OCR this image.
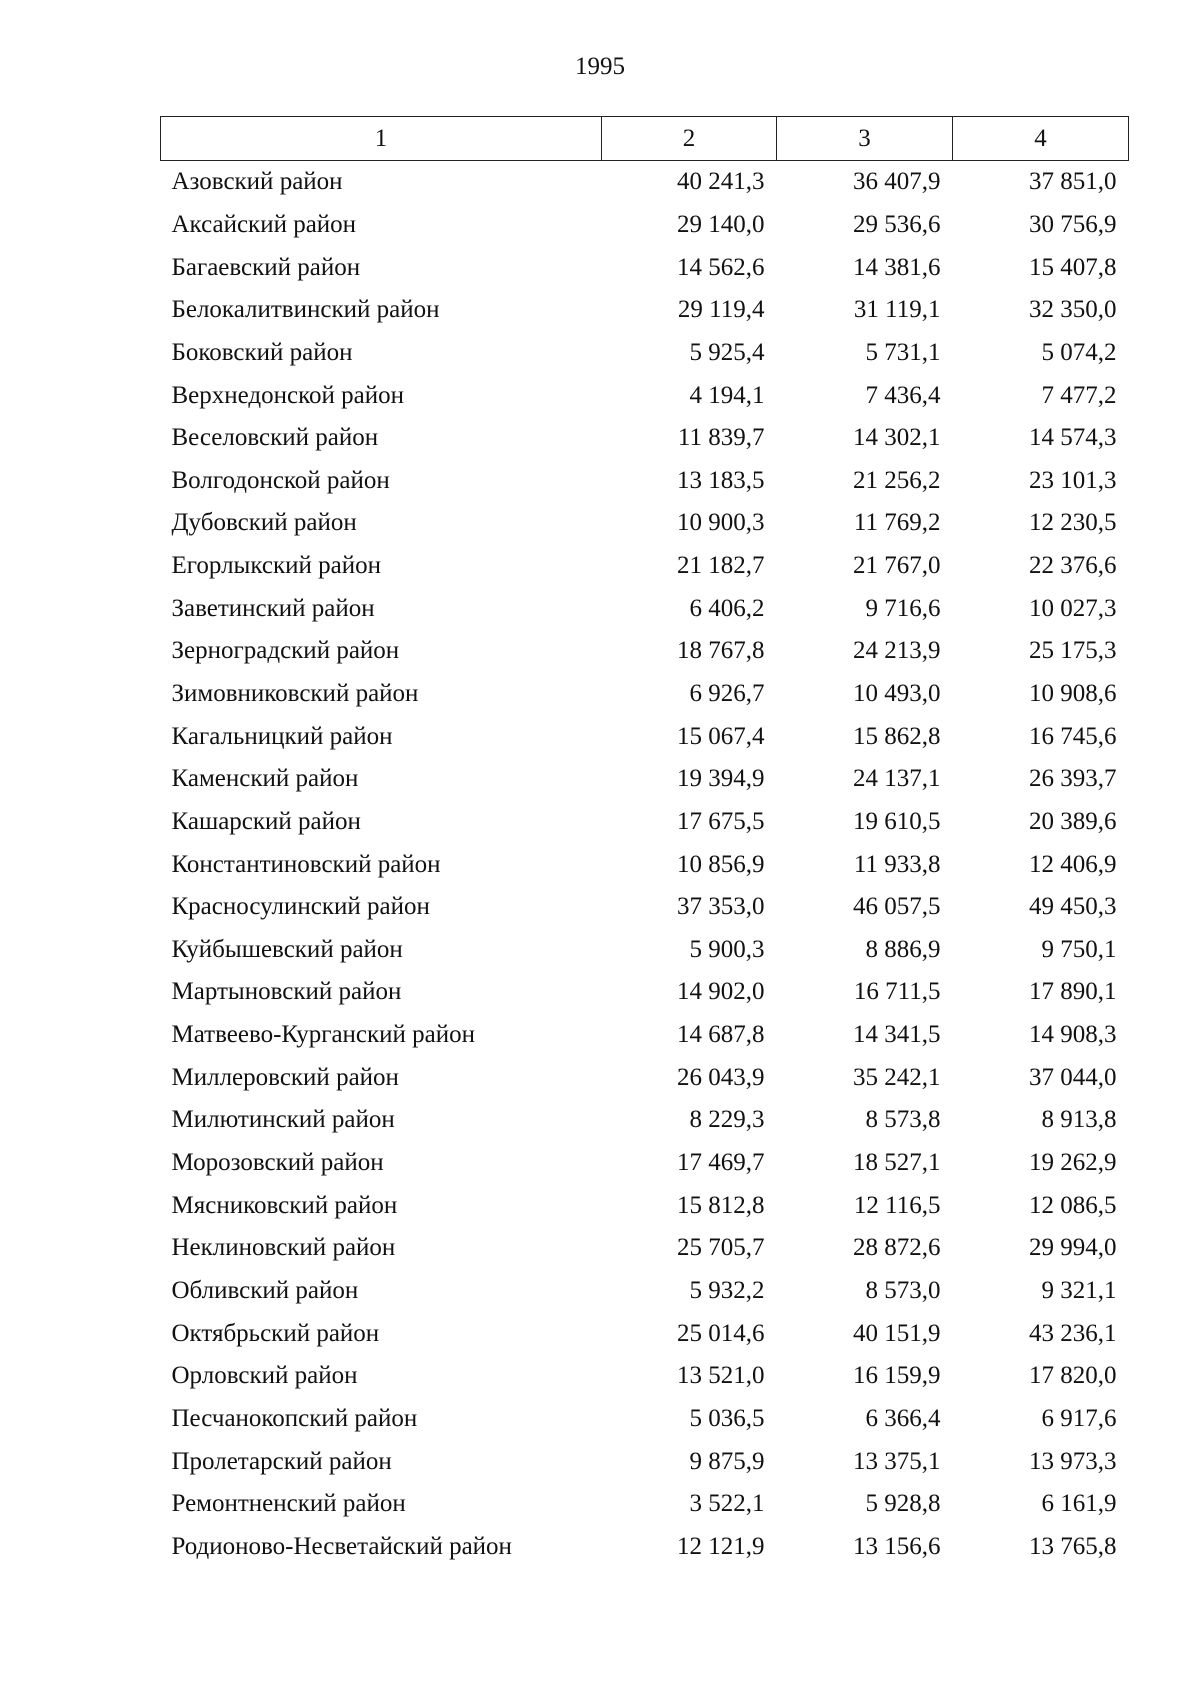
1995
1	2	3	4
Азовский район	40 241,3	36 407,9	37 851,0
Аксайский район	29 140,0	29 536,6	30 756,9
Багаевский район	14 562,6	14 381,6	15 407,8
Белокалитвинский район	29 119,4	31 119,1	32 350,0
Боковский район	5 925,4	5 731,1	5 074,2
Верхнедонской район	4 194,1	7 436,4	7 477,2
Веселовский район	11 839,7	14 302,1	14 574,3
Волгодонской район	13 183,5	21 256,2	23 101,3
Дубовский район	10 900,3	11 769,2	12 230,5
Егорлыкский район	21 182,7	21 767,0	22 376,6
Заветинский район	6 406,2	9 716,6	10 027,3
Зерноградский район	18 767,8	24 213,9	25 175,3
Зимовниковский район	6 926,7	10 493,0	10 908,6
Кагальницкий район	15 067,4	15 862,8	16 745,6
Каменский район	19 394,9	24 137,1	26 393,7
Кашарский район	17 675,5	19 610,5	20 389,6
Константиновский район	10 856,9	11 933,8	12 406,9
Красносулинский район	37 353,0	46 057,5	49 450,3
Куйбышевский район	5 900,3	8 886,9	9 750,1
Мартыновский район	14 902,0	16 711,5	17 890,1
Матвеево-Курганский район	14 687,8	14 341,5	14 908,3
Миллеровский район	26 043,9	35 242,1	37 044,0
Милютинский район	8 229,3	8 573,8	8 913,8
Морозовский район	17 469,7	18 527,1	19 262,9
Мясниковский район	15 812,8	12 116,5	12 086,5
Неклиновский район	25 705,7	28 872,6	29 994,0
Обливский район	5 932,2	8 573,0	9 321,1
Октябрьский район	25 014,6	40 151,9	43 236,1
Орловский район	13 521,0	16 159,9	17 820,0
Песчанокопский район	5 036,5	6 366,4	6 917,6
Пролетарский район	9 875,9	13 375,1	13 973,3
Ремонтненский район	3 522,1	5 928,8	6 161,9
Родионово-Несветайский район	12 121,9	13 156,6	13 765,8
